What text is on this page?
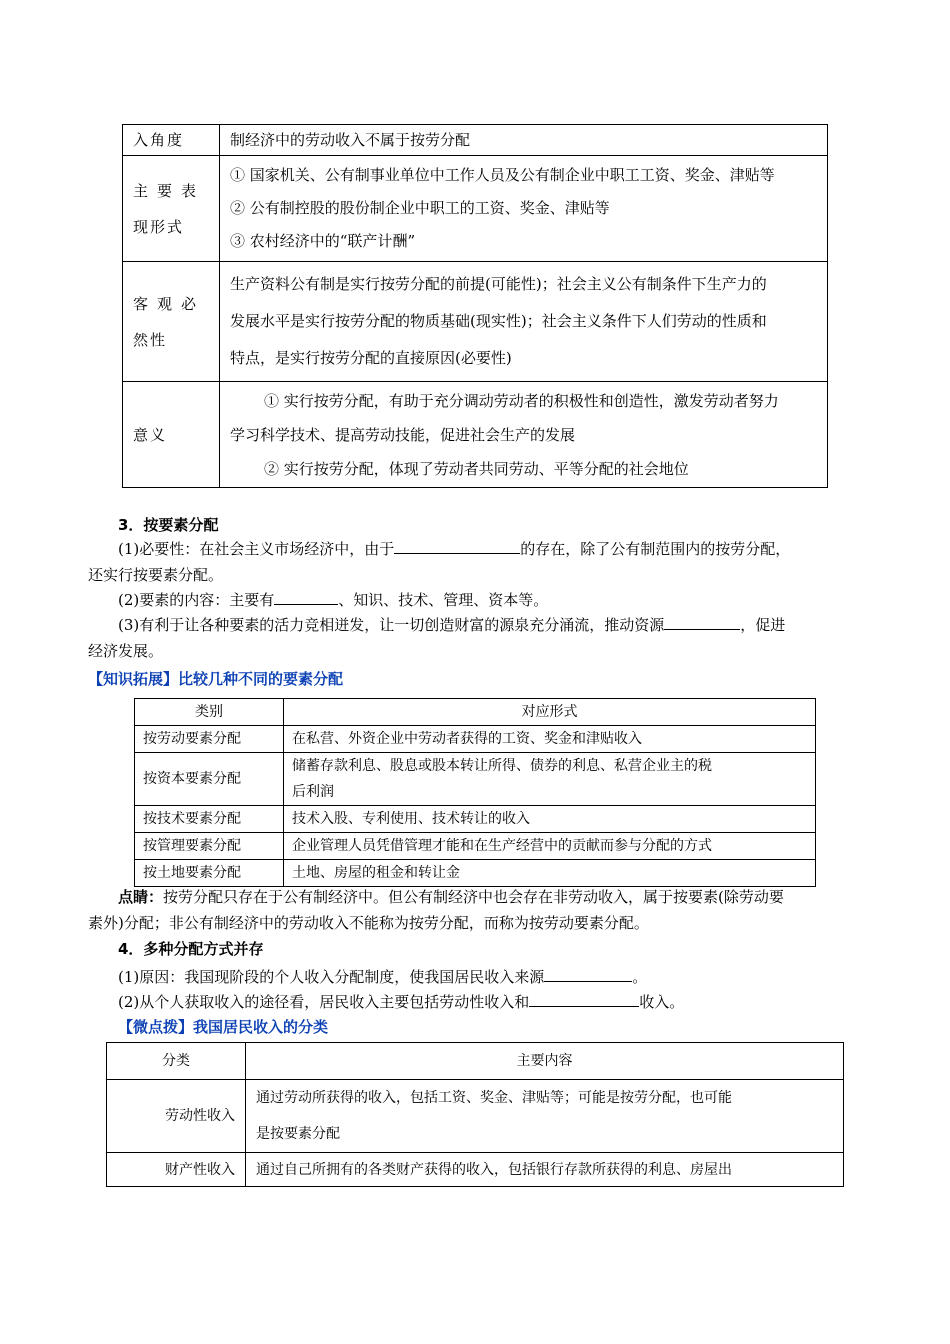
入角度	制经济中的劳动收入不属于按劳分配

主要表
现形式	① 国家机关、公有制事业单位中工作人员及公有制企业中职工工资、奖金、津贴等
② 公有制控股的股份制企业中职工的工资、奖金、津贴等
③ 农村经济中的“联产计酬”

客观必
然性	生产资料公有制是实行按劳分配的前提(可能性)；社会主义公有制条件下生产力的
发展水平是实行按劳分配的物质基础(现实性)；社会主义条件下人们劳动的性质和
特点，是实行按劳分配的直接原因(必要性)

意义	① 实行按劳分配，有助于充分调动劳动者的积极性和创造性，激发劳动者努力
学习科学技术、提高劳动技能，促进社会生产的发展
② 实行按劳分配，体现了劳动者共同劳动、平等分配的社会地位
3．按要素分配
(1)必要性：在社会主义市场经济中，由于	的存在，除了公有制范围内的按劳分配，
还实行按要素分配。
(2)要素的内容：主要有	、知识、技术、管理、资本等。
(3)有利于让各种要素的活力竞相迸发，让一切创造财富的源泉充分涌流，推动资源	，促进
经济发展。
【知识拓展】比较几种不同的要素分配
类别	对应形式
按劳动要素分配	在私营、外资企业中劳动者获得的工资、奖金和津贴收入

按资本要素分配	储蓄存款利息、股息或股本转让所得、债券的利息、私营企业主的税
后利润

按技术要素分配	技术入股、专利使用、技术转让的收入

按管理要素分配	企业管理人员凭借管理才能和在生产经营中的贡献而参与分配的方式

按土地要素分配	土地、房屋的租金和转让金
点睛：按劳分配只存在于公有制经济中。但公有制经济中也会存在非劳动收入，属于按要素(除劳动要
素外)分配；非公有制经济中的劳动收入不能称为按劳分配，而称为按劳动要素分配。
4．多种分配方式并存
(1)原因：我国现阶段的个人收入分配制度，使我国居民收入来源	。
(2)从个人获取收入的途径看，居民收入主要包括劳动性收入和	收入。
【微点拨】我国居民收入的分类
分类	主要内容
劳动性收入	通过劳动所获得的收入，包括工资、奖金、津贴等；可能是按劳分配，也可能
是按要素分配

财产性收入	通过自己所拥有的各类财产获得的收入，包括银行存款所获得的利息、房屋出
